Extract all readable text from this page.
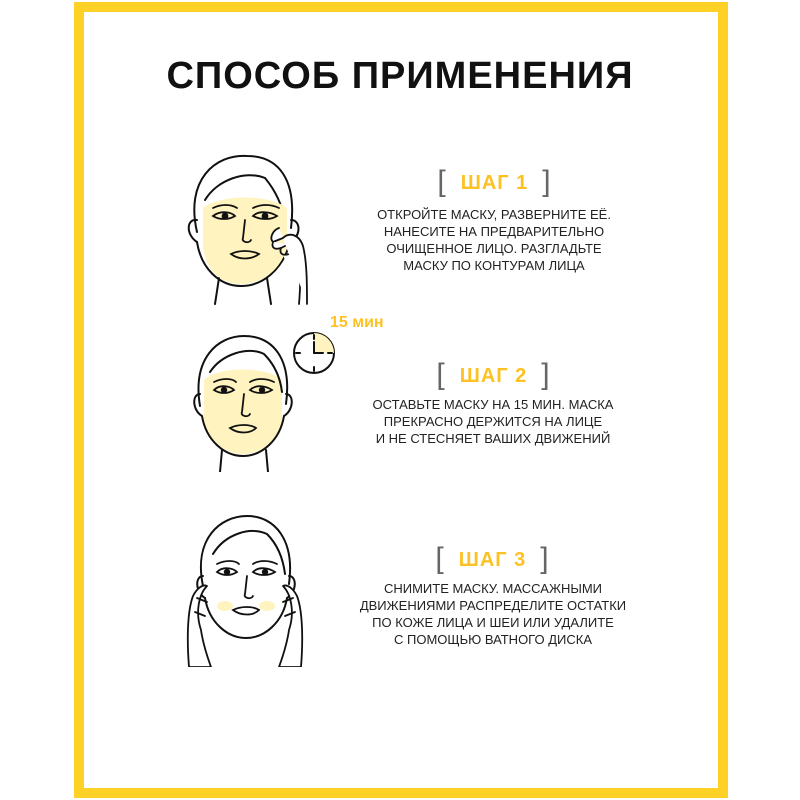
СПОСОБ ПРИМЕНЕНИЯ
[ ШАГ 1 ]
ОТКРОЙТЕ МАСКУ, РАЗВЕРНИТЕ ЕЁ.
НАНЕСИТЕ НА ПРЕДВАРИТЕЛЬНО
ОЧИЩЕННОЕ ЛИЦО. РАЗГЛАДЬТЕ
МАСКУ ПО КОНТУРАМ ЛИЦА
15 мин
[ ШАГ 2 ]
ОСТАВЬТЕ МАСКУ НА 15 МИН. МАСКА
ПРЕКРАСНО ДЕРЖИТСЯ НА ЛИЦЕ
И НЕ СТЕСНЯЕТ ВАШИХ ДВИЖЕНИЙ
[ ШАГ 3 ]
СНИМИТЕ МАСКУ. МАССАЖНЫМИ
ДВИЖЕНИЯМИ РАСПРЕДЕЛИТЕ ОСТАТКИ
ПО КОЖЕ ЛИЦА И ШЕИ ИЛИ УДАЛИТЕ
С ПОМОЩЬЮ ВАТНОГО ДИСКА
